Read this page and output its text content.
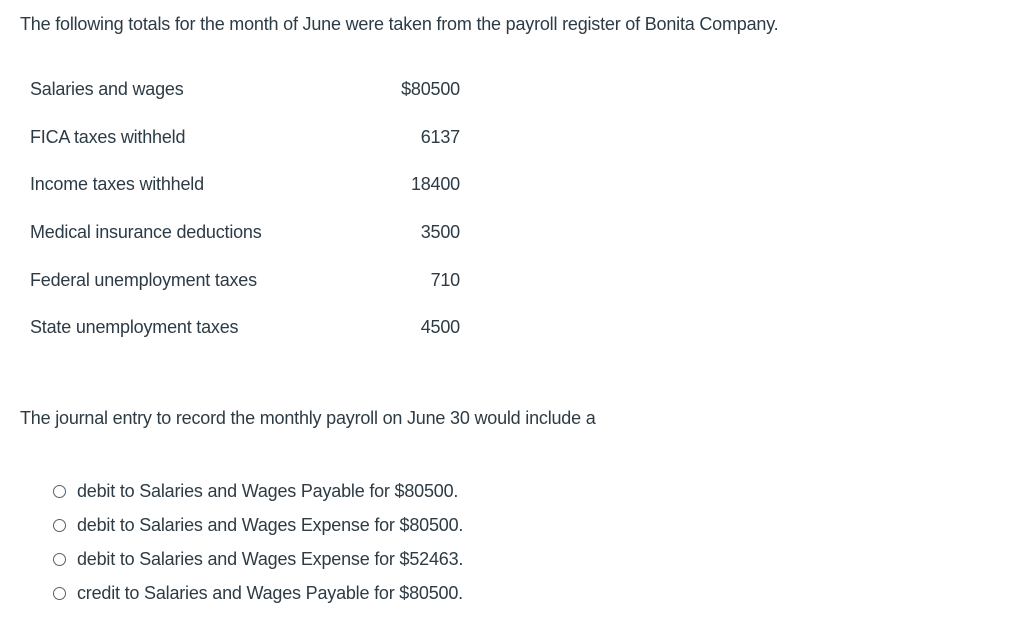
The following totals for the month of June were taken from the payroll register of Bonita Company.
Salaries and wages	$80500
FICA taxes withheld	6137
Income taxes withheld	18400
Medical insurance deductions	3500
Federal unemployment taxes	710
State unemployment taxes	4500
The journal entry to record the monthly payroll on June 30 would include a
debit to Salaries and Wages Payable for $80500.
debit to Salaries and Wages Expense for $80500.
debit to Salaries and Wages Expense for $52463.
credit to Salaries and Wages Payable for $80500.
